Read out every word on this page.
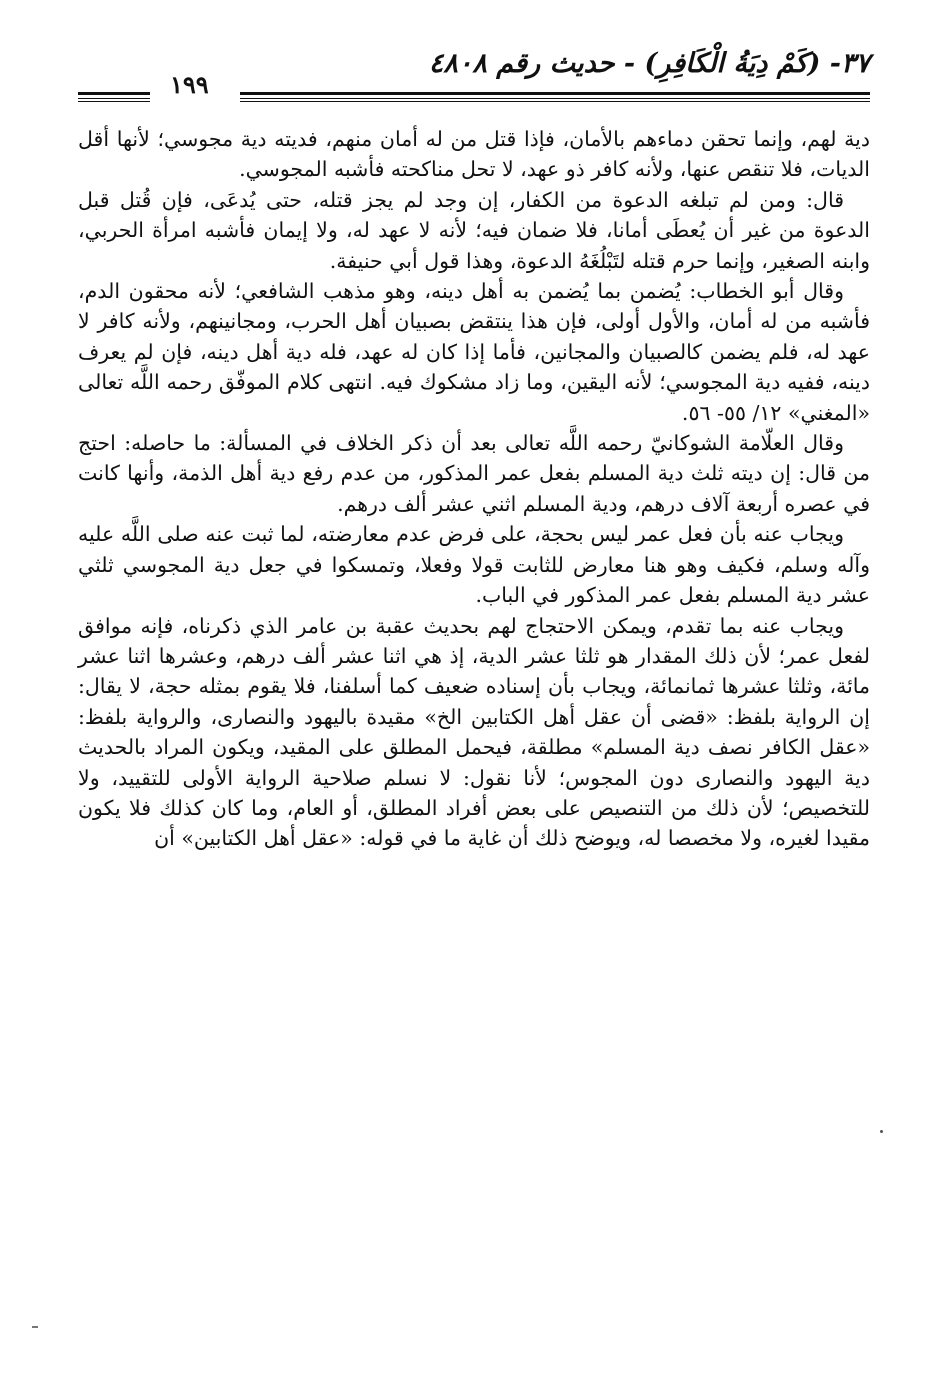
٣٧- (كَمْ دِيَةُ الْكَافِرِ) - حديث رقم ٤٨٠٨
١٩٩

دية لهم، وإنما تحقن دماءهم بالأمان، فإذا قتل من له أمان منهم، فديته دية مجوسي؛ لأنها أقل الديات، فلا تنقص عنها، ولأنه كافر ذو عهد، لا تحل مناكحته فأشبه المجوسي.

قال: ومن لم تبلغه الدعوة من الكفار، إن وجد لم يجز قتله، حتى يُدعَى، فإن قُتل قبل الدعوة من غير أن يُعطَى أمانا، فلا ضمان فيه؛ لأنه لا عهد له، ولا إيمان فأشبه امرأة الحربي، وابنه الصغير، وإنما حرم قتله لتَبْلُغَهُ الدعوة، وهذا قول أبي حنيفة.

وقال أبو الخطاب: يُضمن بما يُضمن به أهل دينه، وهو مذهب الشافعي؛ لأنه محقون الدم، فأشبه من له أمان، والأول أولى، فإن هذا ينتقض بصبيان أهل الحرب، ومجانينهم، ولأنه كافر لا عهد له، فلم يضمن كالصبيان والمجانين، فأما إذا كان له عهد، فله دية أهل دينه، فإن لم يعرف دينه، ففيه دية المجوسي؛ لأنه اليقين، وما زاد مشكوك فيه. انتهى كلام الموفّق رحمه اللَّه تعالى «المغني» ١٢/ ٥٥- ٥٦.

وقال العلّامة الشوكانيّ رحمه اللَّه تعالى بعد أن ذكر الخلاف في المسألة: ما حاصله: احتج من قال: إن ديته ثلث دية المسلم بفعل عمر المذكور، من عدم رفع دية أهل الذمة، وأنها كانت في عصره أربعة آلاف درهم، ودية المسلم اثني عشر ألف درهم.

ويجاب عنه بأن فعل عمر ليس بحجة، على فرض عدم معارضته، لما ثبت عنه صلى اللَّه عليه وآله وسلم، فكيف وهو هنا معارض للثابت قولا وفعلا، وتمسكوا في جعل دية المجوسي ثلثي عشر دية المسلم بفعل عمر المذكور في الباب.

ويجاب عنه بما تقدم، ويمكن الاحتجاج لهم بحديث عقبة بن عامر الذي ذكرناه، فإنه موافق لفعل عمر؛ لأن ذلك المقدار هو ثلثا عشر الدية، إذ هي اثنا عشر ألف درهم، وعشرها اثنا عشر مائة، وثلثا عشرها ثمانمائة، ويجاب بأن إسناده ضعيف كما أسلفنا، فلا يقوم بمثله حجة، لا يقال: إن الرواية بلفظ: «قضى أن عقل أهل الكتابين الخ» مقيدة باليهود والنصارى، والرواية بلفظ: «عقل الكافر نصف دية المسلم» مطلقة، فيحمل المطلق على المقيد، ويكون المراد بالحديث دية اليهود والنصارى دون المجوس؛ لأنا نقول: لا نسلم صلاحية الرواية الأولى للتقييد، ولا للتخصيص؛ لأن ذلك من التنصيص على بعض أفراد المطلق، أو العام، وما كان كذلك فلا يكون مقيدا لغيره، ولا مخصصا له، ويوضح ذلك أن غاية ما في قوله: «عقل أهل الكتابين» أن
